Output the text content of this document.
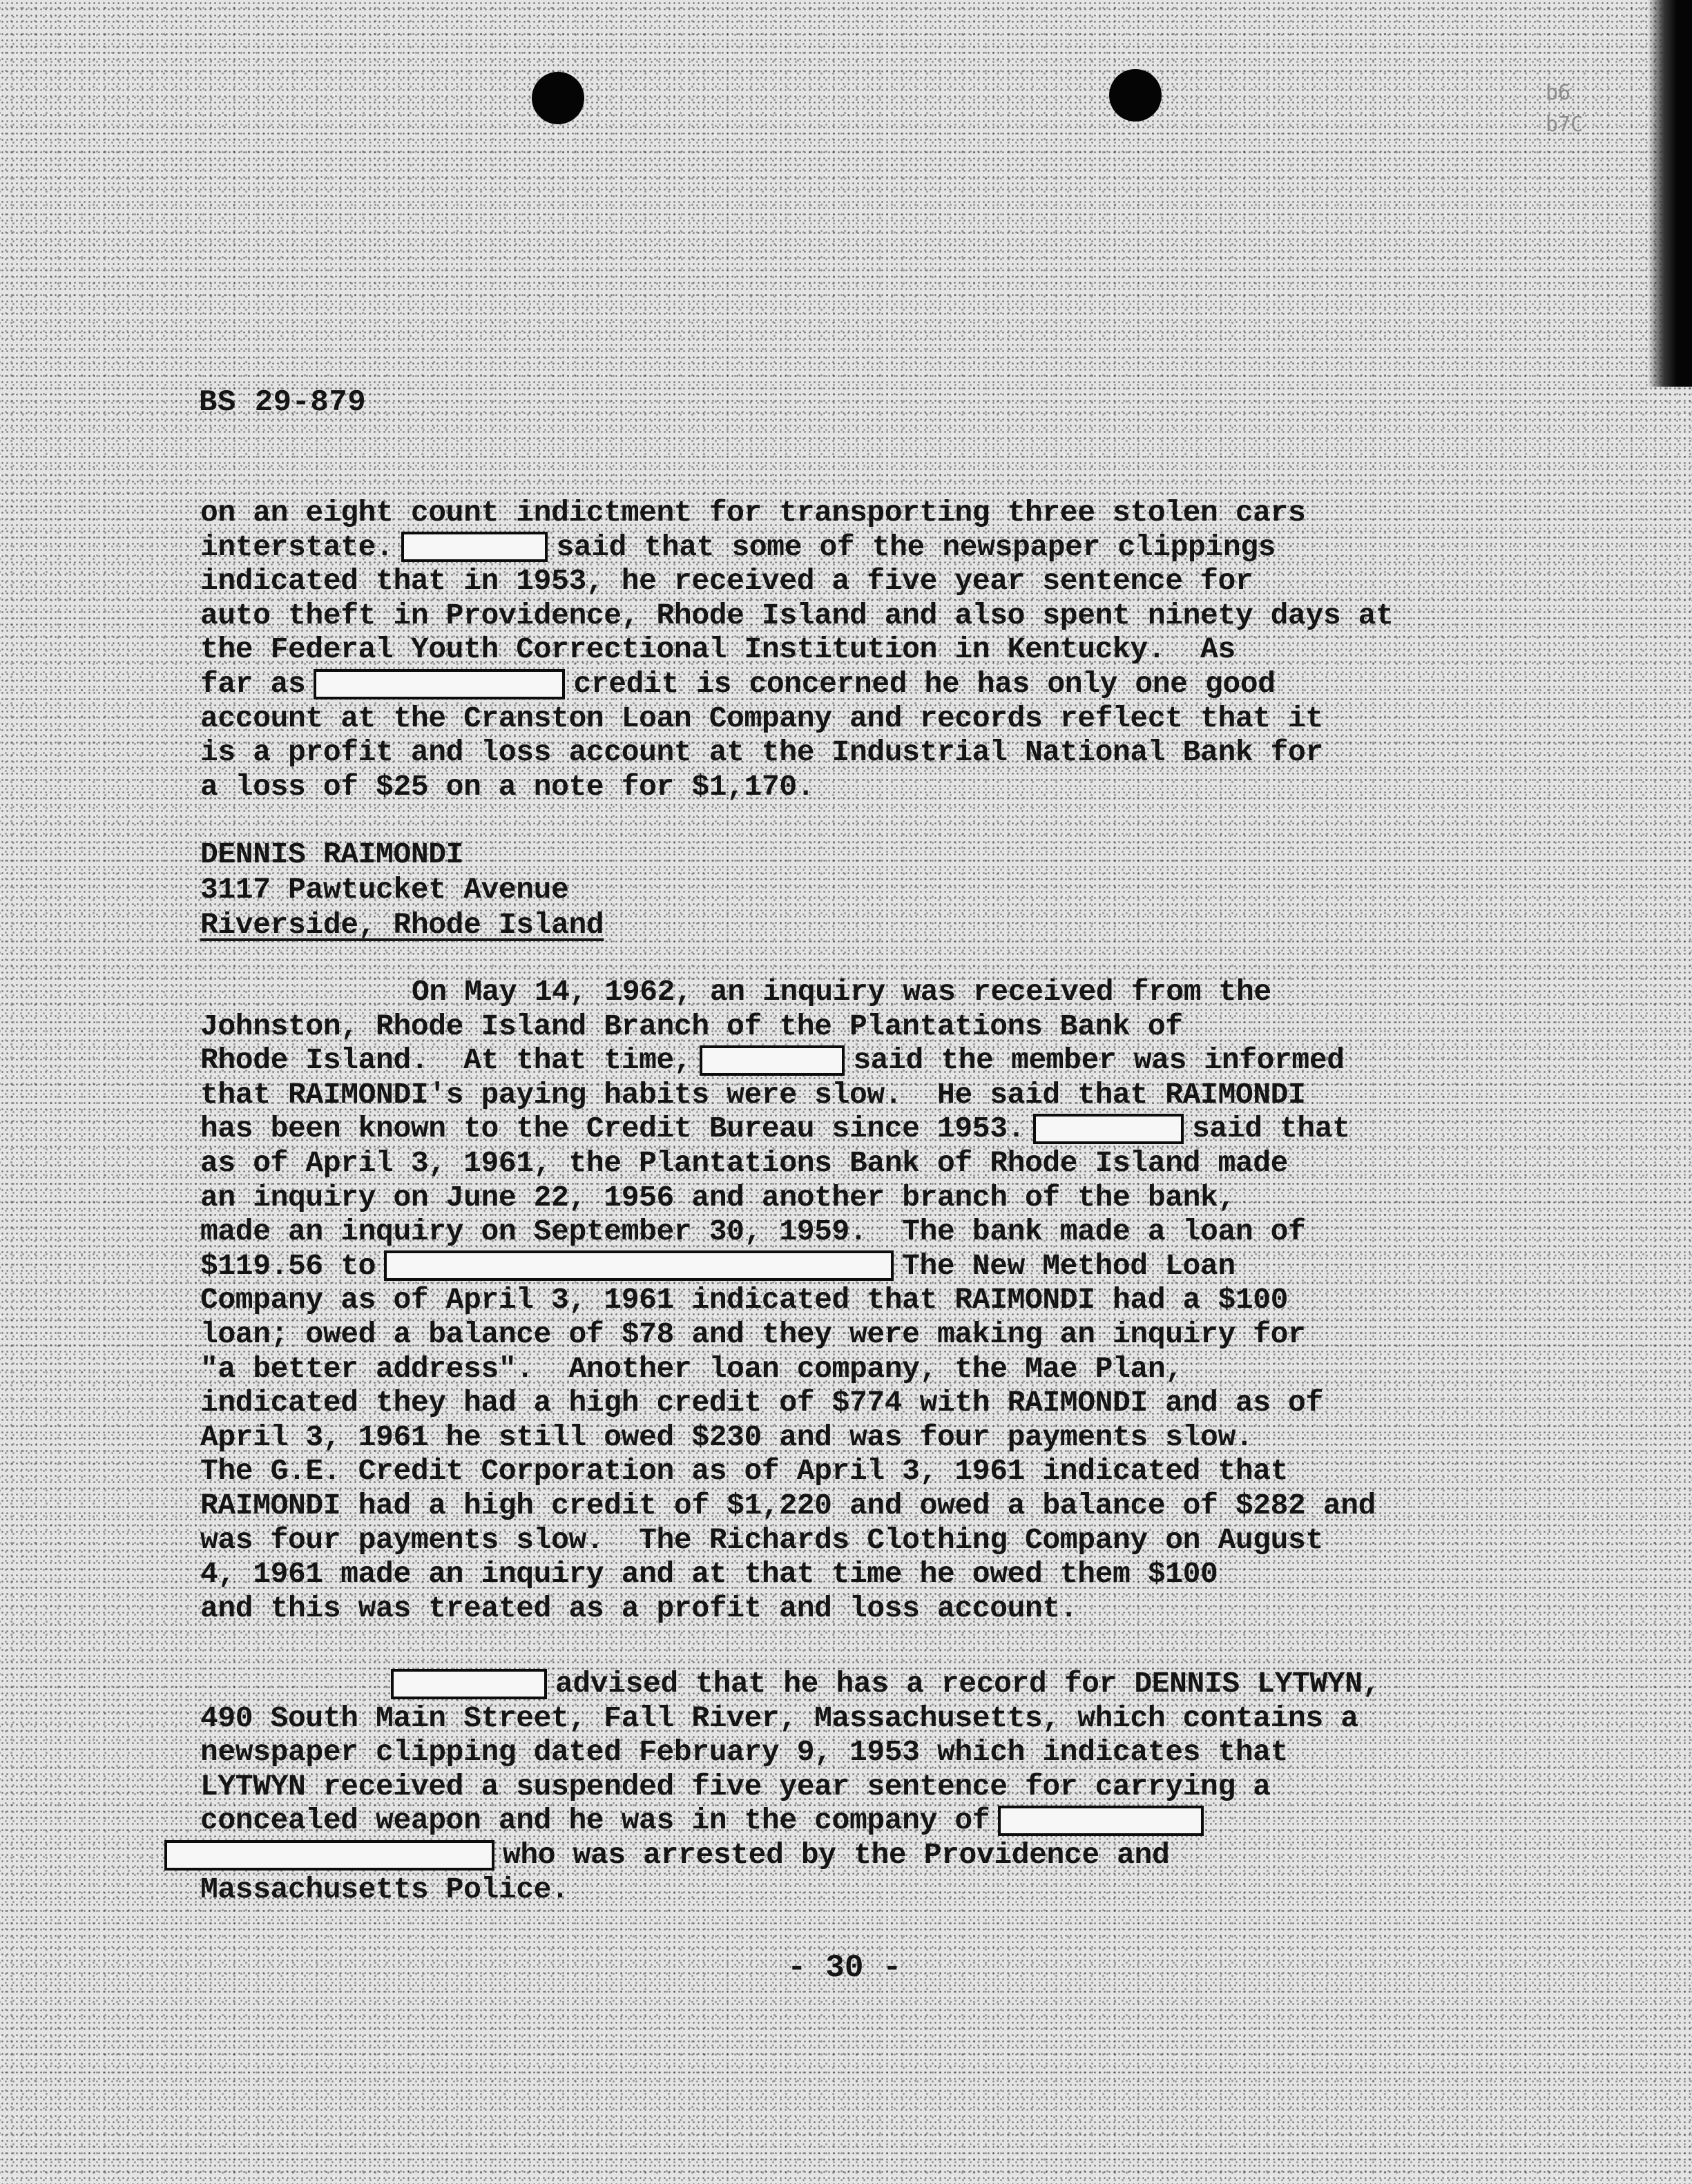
b6
b7C
BS 29-879
on an eight count indictment for transporting three stolen cars
interstate.	said that some of the newspaper clippings
indicated that in 1953, he received a five year sentence for
auto theft in Providence, Rhode Island and also spent ninety days at
the Federal Youth Correctional Institution in Kentucky.  As
far as	credit is concerned he has only one good
account at the Cranston Loan Company and records reflect that it
is a profit and loss account at the Industrial National Bank for
a loss of $25 on a note for $1,170.
DENNIS RAIMONDI
3117 Pawtucket Avenue
Riverside, Rhode Island
On May 14, 1962, an inquiry was received from the
Johnston, Rhode Island Branch of the Plantations Bank of
Rhode Island.  At that time,	said the member was informed
that RAIMONDI's paying habits were slow.  He said that RAIMONDI
has been known to the Credit Bureau since 1953.	said that
as of April 3, 1961, the Plantations Bank of Rhode Island made
an inquiry on June 22, 1956 and another branch of the bank,
made an inquiry on September 30, 1959.  The bank made a loan of
$119.56 to	The New Method Loan
Company as of April 3, 1961 indicated that RAIMONDI had a $100
loan; owed a balance of $78 and they were making an inquiry for
"a better address".  Another loan company, the Mae Plan,
indicated they had a high credit of $774 with RAIMONDI and as of
April 3, 1961 he still owed $230 and was four payments slow.
The G.E. Credit Corporation as of April 3, 1961 indicated that
RAIMONDI had a high credit of $1,220 and owed a balance of $282 and
was four payments slow.  The Richards Clothing Company on August
4, 1961 made an inquiry and at that time he owed them $100
and this was treated as a profit and loss account.
advised that he has a record for DENNIS LYTWYN,
490 South Main Street, Fall River, Massachusetts, which contains a
newspaper clipping dated February 9, 1953 which indicates that
LYTWYN received a suspended five year sentence for carrying a
concealed weapon and he was in the company of
who was arrested by the Providence and
Massachusetts Police.
- 30 -
